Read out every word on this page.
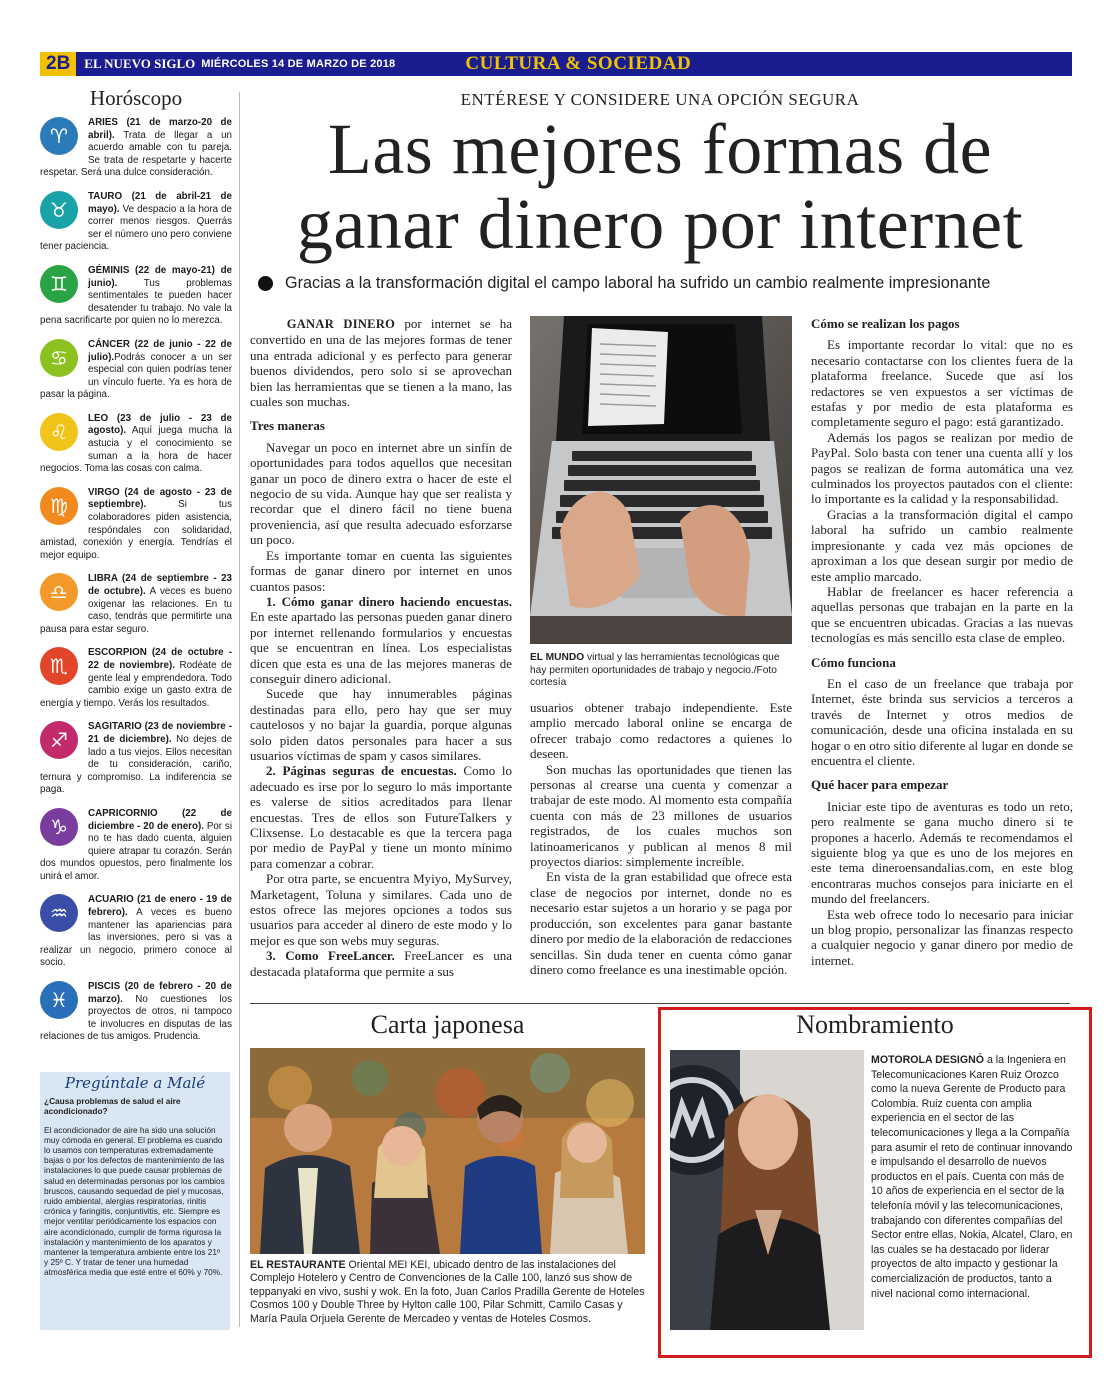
2B	EL NUEVO SIGLO MIÉRCOLES 14 DE MARZO DE 2018	CULTURA & SOCIEDAD
Horóscopo
♈
ARIES (21 de marzo-20 de abril). Trata de llegar a un acuerdo amable con tu pareja. Se trata de respetarte y hacerte respetar. Será una dulce consideración.
♉
TAURO (21 de abril-21 de mayo). Ve despacio a la hora de correr menos riesgos. Querrás ser el número uno pero conviene tener paciencia.
♊
GÉMINIS (22 de mayo-21) de junio). Tus problemas sentimentales te pueden hacer desatender tu trabajo. No vale la pena sacrificarte por quien no lo merezca.
♋
CÁNCER (22 de junio - 22 de julio).Podrás conocer a un ser especial con quien podrías tener un vínculo fuerte. Ya es hora de pasar la página.
♌
LEO (23 de julio - 23 de agosto). Aquí juega mucha la astucia y el conocimiento se suman a la hora de hacer negocios. Toma las cosas con calma.
♍
VIRGO (24 de agosto - 23 de septiembre). Si tus colaboradores piden asistencia, respóndales con solidaridad, amistad, conexión y energía. Tendrías el mejor equipo.
♎
LIBRA (24 de septiembre - 23 de octubre). A veces es bueno oxigenar las relaciones. En tu caso, tendrás que permitirte una pausa para estar seguro.
♏
ESCORPION (24 de octubre - 22 de noviembre). Rodéate de gente leal y emprendedora. Todo cambio exige un gasto extra de energía y tiempo. Verás los resultados.
♐
SAGITARIO (23 de noviembre - 21 de diciembre). No dejes de lado a tus viejos. Ellos necesitan de tu consideración, cariño, ternura y compromiso. La indiferencia se paga.
♑
CAPRICORNIO (22 de diciembre - 20 de enero). Por si no te has dado cuenta, alguien quiere atrapar tu corazón. Serán dos mundos opuestos, pero finalmente los unirá el amor.
♒
ACUARIO (21 de enero - 19 de febrero). A veces es bueno mantener las apariencias para las inversiones, pero si vas a realizar un negocio, primero conoce al socio.
♓
PISCIS (20 de febrero - 20 de marzo). No cuestiones los proyectos de otros, ni tampoco te involucres en disputas de las relaciones de tus amigos. Prudencia.
Pregúntale a Malé
¿Causa problemas de salud el aire acondicionado?
El acondicionador de aire ha sido una solución muy cómoda en general. El problema es cuando lo usamos con temperaturas extremadamente bajas o por los defectos de mantenimiento de las instalaciones lo que puede causar problemas de salud en determinadas personas por los cambios bruscos, causando sequedad de piel y mucosas, ruido ambiental, alergias respiratorias, rinitis crónica y faringitis, conjuntivitis, etc. Siempre es mejor ventilar periódicamente los espacios con aire acondicionado, cumplir de forma rigurosa la instalación y mantenimiento de los aparatos y mantener la temperatura ambiente entre los 21º y 25º C. Y tratar de tener una humedad atmosférica media que esté entre el 60% y 70%.
ENTÉRESE Y CONSIDERE UNA OPCIÓN SEGURA
Las mejores formas de
ganar dinero por internet
Gracias a la transformación digital el campo laboral ha sufrido un cambio realmente impresionante

GANAR DINERO por internet se ha convertido en una de las mejores formas de tener una entrada adicional y es perfecto para generar buenos dividendos, pero solo si se aprovechan bien las herramientas que se tienen a la mano, las cuales son muchas.

Tres maneras

Navegar un poco en internet abre un sinfín de oportunidades para todos aquellos que necesitan ganar un poco de dinero extra o hacer de este el negocio de su vida. Aunque hay que ser realista y recordar que el dinero fácil no tiene buena proveniencia, así que resulta adecuado esforzarse un poco.

Es importante tomar en cuenta las siguientes formas de ganar dinero por internet en unos cuantos pasos:

1. Cómo ganar dinero haciendo encuestas. En este apartado las personas pueden ganar dinero por internet rellenando formularios y encuestas que se encuentran en línea. Los especialistas dicen que esta es una de las mejores maneras de conseguir dinero adicional.

Sucede que hay innumerables páginas destinadas para ello, pero hay que ser muy cautelosos y no bajar la guardia, porque algunas solo piden datos personales para hacer a sus usuarios víctimas de spam y casos similares.

2. Páginas seguras de encuestas. Como lo adecuado es irse por lo seguro lo más importante es valerse de sitios acreditados para llenar encuestas. Tres de ellos son FutureTalkers y Clixsense. Lo destacable es que la tercera paga por medio de PayPal y tiene un monto mínimo para comenzar a cobrar.

Por otra parte, se encuentra Myiyo, MySurvey, Marketagent, Toluna y similares. Cada uno de estos ofrece las mejores opciones a todos sus usuarios para acceder al dinero de este modo y lo mejor es que son webs muy seguras.

3. Como FreeLancer. FreeLancer es una destacada plataforma que permite a sus

EL MUNDO virtual y las herramientas tecnológicas que hay permiten oportunidades de trabajo y negocio./Foto cortesía

usuarios obtener trabajo independiente. Este amplio mercado laboral online se encarga de ofrecer trabajo como redactores a quienes lo deseen.

Son muchas las oportunidades que tienen las personas al crearse una cuenta y comenzar a trabajar de este modo. Al momento esta compañía cuenta con más de 23 millones de usuarios registrados, de los cuales muchos son latinoamericanos y publican al menos 8 mil proyectos diarios: simplemente increíble.

En vista de la gran estabilidad que ofrece esta clase de negocios por internet, donde no es necesario estar sujetos a un horario y se paga por producción, son excelentes para ganar bastante dinero por medio de la elaboración de redacciones sencillas. Sin duda tener en cuenta cómo ganar dinero como freelance es una inestimable opción.

Cómo se realizan los pagos

Es importante recordar lo vital: que no es necesario contactarse con los clientes fuera de la plataforma freelance. Sucede que así los redactores se ven expuestos a ser víctimas de estafas y por medio de esta plataforma es completamente seguro el pago: está garantizado.

Además los pagos se realizan por medio de PayPal. Solo basta con tener una cuenta allí y los pagos se realizan de forma automática una vez culminados los proyectos pautados con el cliente: lo importante es la calidad y la responsabilidad.

Gracias a la transformación digital el campo laboral ha sufrido un cambio realmente impresionante y cada vez más opciones de aproximan a los que desean surgir por medio de este amplio marcado.

Hablar de freelancer es hacer referencia a aquellas personas que trabajan en la parte en la que se encuentren ubicadas. Gracias a las nuevas tecnologías es más sencillo esta clase de empleo.

Cómo funciona

En el caso de un freelance que trabaja por Internet, éste brinda sus servicios a terceros a través de Internet y otros medios de comunicación, desde una oficina instalada en su hogar o en otro sitio diferente al lugar en donde se encuentra el cliente.

Qué hacer para empezar

Iniciar este tipo de aventuras es todo un reto, pero realmente se gana mucho dinero si te propones a hacerlo. Además te recomendamos el siguiente blog ya que es uno de los mejores en este tema dineroensandalias.com, en este blog encontraras muchos consejos para iniciarte en el mundo del freelancers.

Esta web ofrece todo lo necesario para iniciar un blog propio, personalizar las finanzas respecto a cualquier negocio y ganar dinero por medio de internet.

Carta japonesa
EL RESTAURANTE Oriental MEI KEI, ubicado dentro de las instalaciones del Complejo Hotelero y Centro de Convenciones de la Calle 100, lanzó sus show de teppanyaki en vivo, sushi y wok. En la foto, Juan Carlos Pradilla Gerente de Hoteles Cosmos 100 y Double Three by Hylton calle 100, Pilar Schmitt, Camilo Casas y María Paula Orjuela Gerente de Mercadeo y ventas de Hoteles Cosmos.
Nombramiento
MOTOROLA DESIGNÓ a la Ingeniera en Telecomunicaciones Karen Ruiz Orozco como la nueva Gerente de Producto para Colombia. Ruiz cuenta con amplia experiencia en el sector de las telecomunicaciones y llega a la Compañía para asumir el reto de continuar innovando e impulsando el desarrollo de nuevos productos en el país. Cuenta con más de 10 años de experiencia en el sector de la telefonía móvil y las telecomunicaciones, trabajando con diferentes compañías del Sector entre ellas, Nokia, Alcatel, Claro, en las cuales se ha destacado por liderar proyectos de alto impacto y gestionar la comercialización de productos, tanto a nivel nacional como internacional.
